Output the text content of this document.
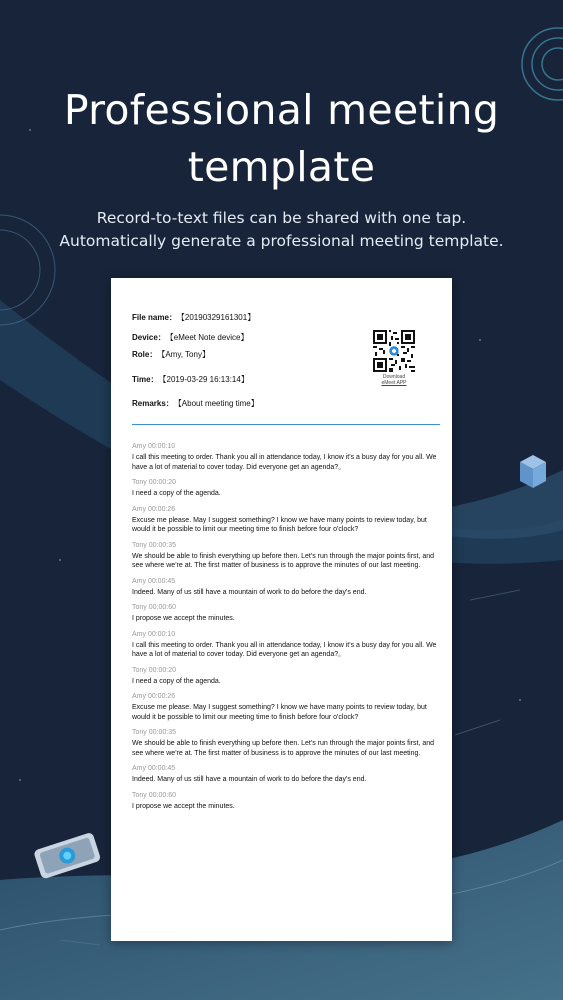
Professional meeting
template
Record-to-text files can be shared with one tap.
Automatically generate a professional meeting template.
File name： 【20190329161301】
Device： 【eMeet Note device】
Role： 【Amy, Tony】
Time： 【2019-03-29 16:13:14】
Remarks： 【About meeting time】
Download
eMeet APP
Amy 00:00:10
I call this meeting to order. Thank you all in attendance today, I know it's a busy day for you all. We have a lot of material to cover today. Did everyone get an agenda?。
Tony 00:00:20
I need a copy of the agenda.
Amy 00:00:26
Excuse me please. May I suggest something? I know we have many points to review today, but would it be possible to limit our meeting time to finish before four o'clock?
Tony 00:00:35
We should be able to finish everything up before then. Let's run through the major points first, and see where we're at. The first matter of business is to approve the minutes of our last meeting.
Amy 00:00:45
Indeed. Many of us still have a mountain of work to do before the day's end.
Tony 00:00:60
I propose we accept the minutes.
Amy 00:00:10
I call this meeting to order. Thank you all in attendance today, I know it's a busy day for you all. We have a lot of material to cover today. Did everyone get an agenda?。
Tony 00:00:20
I need a copy of the agenda.
Amy 00:00:26
Excuse me please. May I suggest something? I know we have many points to review today, but would it be possible to limit our meeting time to finish before four o'clock?
Tony 00:00:35
We should be able to finish everything up before then. Let's run through the major points first, and see where we're at. The first matter of business is to approve the minutes of our last meeting.
Amy 00:00:45
Indeed. Many of us still have a mountain of work to do before the day's end.
Tony 00:00:60
I propose we accept the minutes.
